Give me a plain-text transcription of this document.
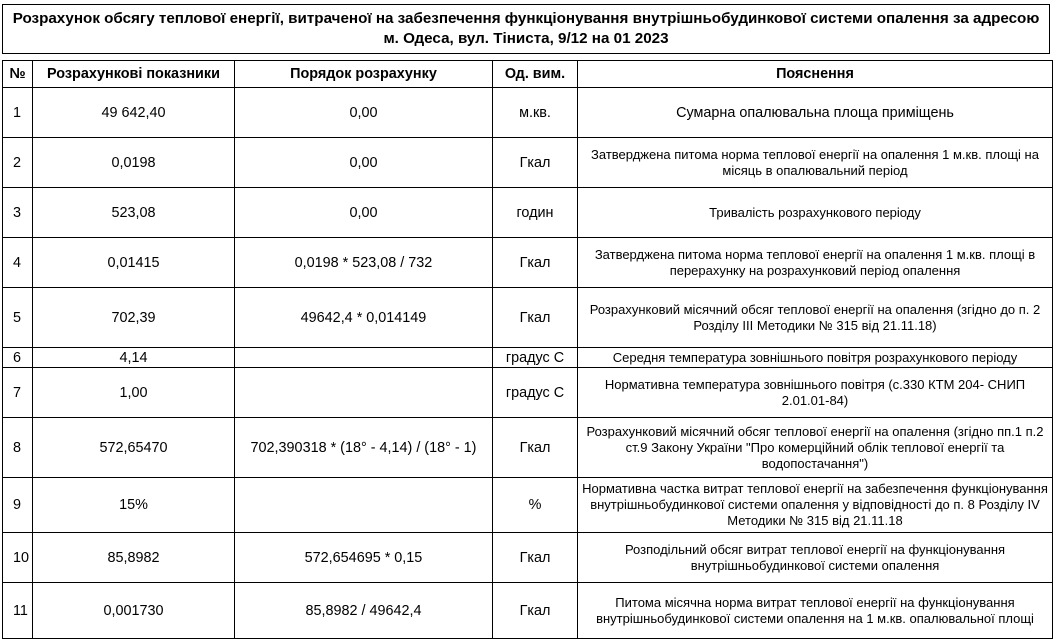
Розрахунок обсягу теплової енергії, витраченої на забезпечення функціонування внутрішньобудинкової системи опалення за адресою м. Одеса, вул. Тіниста, 9/12 на 01 2023
№	Розрахункові показники	Порядок розрахунку	Од. вим.	Пояснення
1	49 642,40	0,00	м.кв.	Сумарна опалювальна площа приміщень
2	0,0198	0,00	Гкал	Затверджена питома норма теплової енергії на опалення 1 м.кв. площі на місяць в опалювальний період
3	523,08	0,00	годин	Тривалість розрахункового періоду
4	0,01415	0,0198 * 523,08 / 732	Гкал	Затверджена питома норма теплової енергії на опалення 1 м.кв. площі в перерахунку на розрахунковий період опалення
5	702,39	49642,4 * 0,014149	Гкал	Розрахунковий місячний обсяг теплової енергії на опалення (згідно до п. 2 Розділу ІІІ Методики № 315 від 21.11.18)
6	4,14		градус С	Середня температура зовнішнього повітря розрахункового періоду
7	1,00		градус С	Нормативна температура зовнішнього повітря (с.330 КТМ 204- СНИП 2.01.01-84)
8	572,65470	702,390318 * (18° - 4,14) / (18° - 1)	Гкал	Розрахунковий місячний обсяг теплової енергії на опалення (згідно пп.1 п.2 ст.9 Закону України "Про комерційний облік теплової енергії та водопостачання")
9	15%		%	Нормативна частка витрат теплової енергії на забезпечення функціонування внутрішньобудинкової системи опалення у відповідності до п. 8 Розділу IV Методики № 315 від 21.11.18
10	85,8982	572,654695 * 0,15	Гкал	Розподільний обсяг витрат теплової енергії на функціонування внутрішньобудинкової системи опалення
11	0,001730	85,8982 / 49642,4	Гкал	Питома місячна норма витрат теплової енергії на функціонування внутрішньобудинкової системи опалення на 1 м.кв. опалювальної площі
